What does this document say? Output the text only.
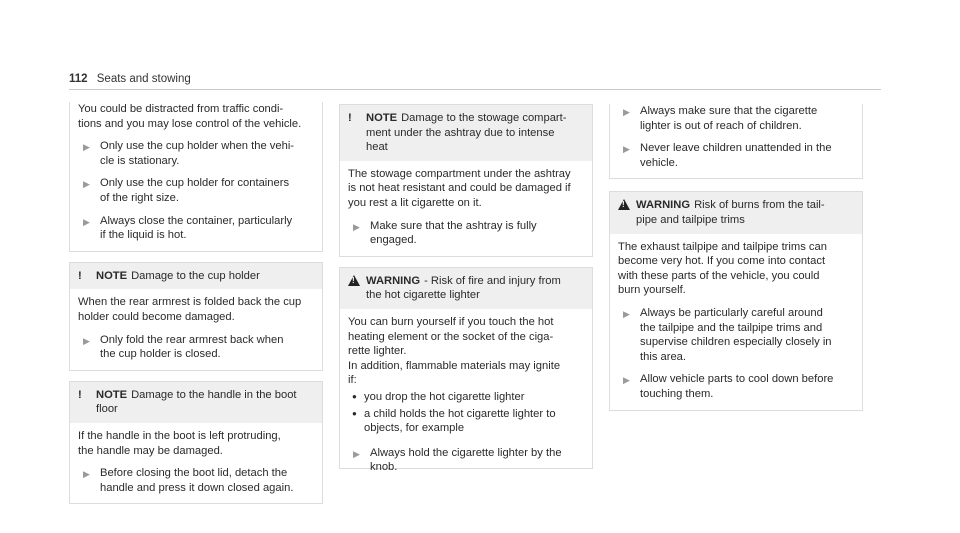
112 Seats and stowing

You could be distracted from traffic condi-
tions and you may lose control of the vehicle.

▶ Only use the cup holder when the vehi-
cle is stationary.
▶ Only use the cup holder for containers
of the right size.
▶ Always close the container, particularly
if the liquid is hot.
!	NOTE Damage to the cup holder

When the rear armrest is folded back the cup
holder could become damaged.

▶ Only fold the rear armrest back when
the cup holder is closed.
!	NOTE Damage to the handle in the boot
floor

If the handle in the boot is left protruding,
the handle may be damaged.

▶ Before closing the boot lid, detach the
handle and press it down closed again.
!	NOTE Damage to the stowage compart-
ment under the ashtray due to intense
heat

The stowage compartment under the ashtray
is not heat resistant and could be damaged if
you rest a lit cigarette on it.

▶ Make sure that the ashtray is fully
engaged.
!
WARNING - Risk of fire and injury from
the hot cigarette lighter

You can burn yourself if you touch the hot
heating element or the socket of the ciga-
rette lighter.

In addition, flammable materials may ignite
if:

● you drop the hot cigarette lighter
● a child holds the hot cigarette lighter to
objects, for example
▶ Always hold the cigarette lighter by the
knob.
▶ Always make sure that the cigarette
lighter is out of reach of children.
▶ Never leave children unattended in the
vehicle.
!
WARNING Risk of burns from the tail-
pipe and tailpipe trims

The exhaust tailpipe and tailpipe trims can
become very hot. If you come into contact
with these parts of the vehicle, you could
burn yourself.

▶ Always be particularly careful around
the tailpipe and the tailpipe trims and
supervise children especially closely in
this area.
▶ Allow vehicle parts to cool down before
touching them.
